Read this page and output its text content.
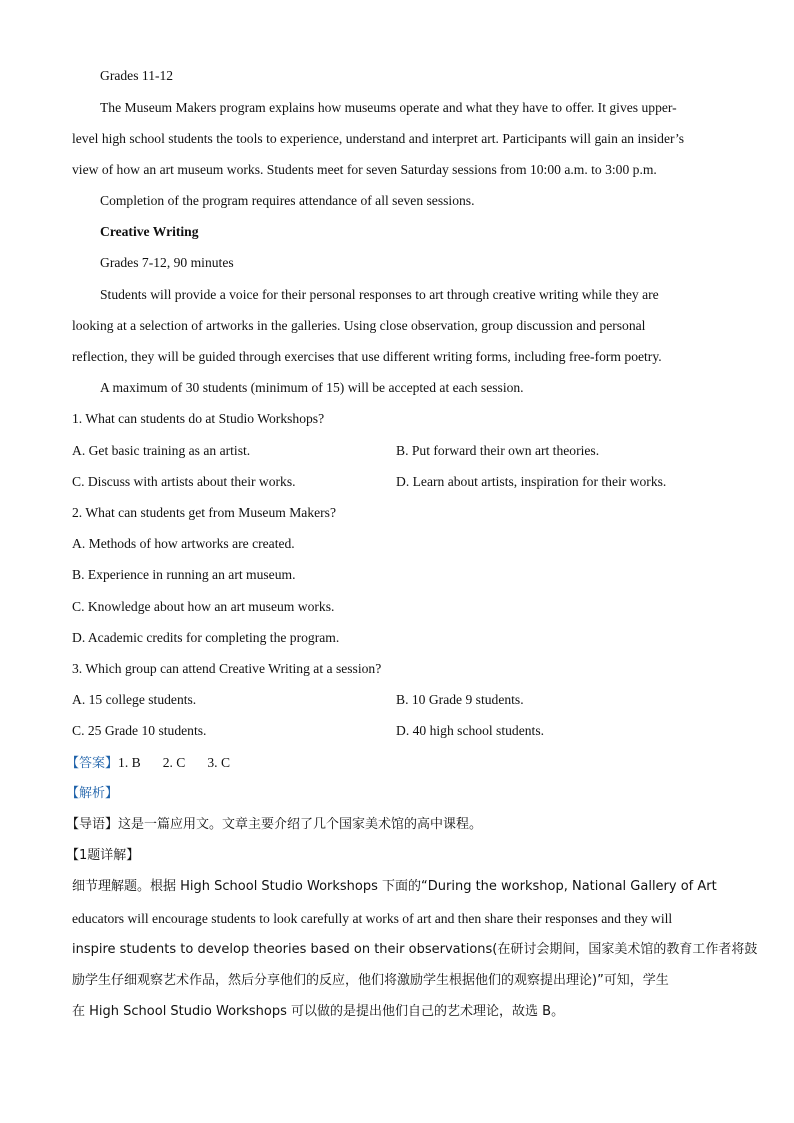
Grades 11-12
The Museum Makers program explains how museums operate and what they have to offer. It gives upper-
level high school students the tools to experience, understand and interpret art. Participants will gain an insider’s
view of how an art museum works. Students meet for seven Saturday sessions from 10:00 a.m. to 3:00 p.m.
Completion of the program requires attendance of all seven sessions.
Creative Writing
Grades 7-12, 90 minutes
Students will provide a voice for their personal responses to art through creative writing while they are
looking at a selection of artworks in the galleries. Using close observation, group discussion and personal
reflection, they will be guided through exercises that use different writing forms, including free-form poetry.
A maximum of 30 students (minimum of 15) will be accepted at each session.
1. What can students do at Studio Workshops?
A. Get basic training as an artist.	B. Put forward their own art theories.
C. Discuss with artists about their works.	D. Learn about artists, inspiration for their works.
2. What can students get from Museum Makers?
A. Methods of how artworks are created.
B. Experience in running an art museum.
C. Knowledge about how an art museum works.
D. Academic credits for completing the program.
3. Which group can attend Creative Writing at a session?
A. 15 college students.	B. 10 Grade 9 students.
C. 25 Grade 10 students.	D. 40 high school students.
【答案】1. B 2. C 3. C
【解析】
【导语】这是一篇应用文。文章主要介绍了几个国家美术馆的高中课程。
【1题详解】
细节理解题。根据 High School Studio Workshops 下面的“During the workshop, National Gallery of Art
educators will encourage students to look carefully at works of art and then share their responses and they will
inspire students to develop theories based on their observations(在研讨会期间，国家美术馆的教育工作者将鼓
励学生仔细观察艺术作品，然后分享他们的反应，他们将激励学生根据他们的观察提出理论)”可知，学生
在 High School Studio Workshops 可以做的是提出他们自己的艺术理论，故选 B。
